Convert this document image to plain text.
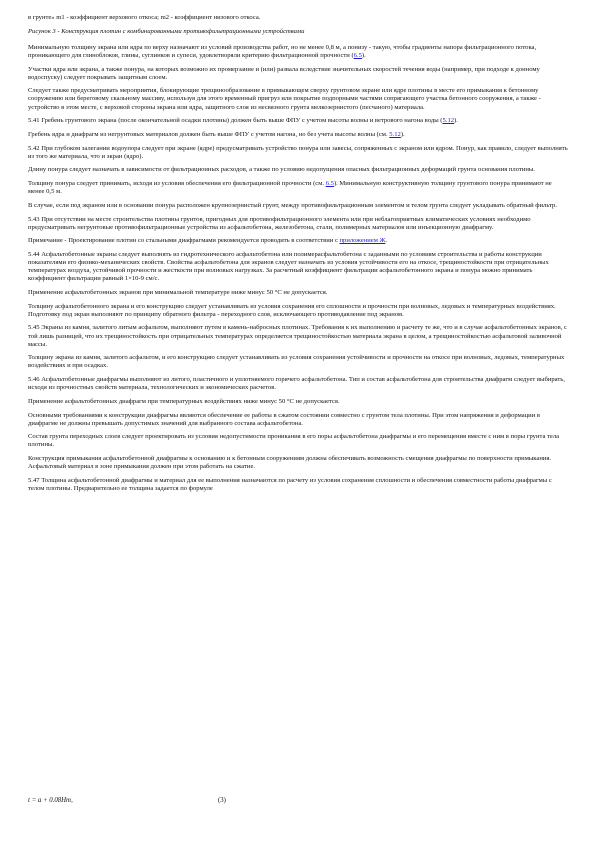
в грунте» m1 - коэффициент верхового откоса; m2 - коэффициент низового откоса.

Рисунок 3 - Конструкция плотин с комбинированными противофильтрационными устройствами

Минимальную толщину экрана или ядра по верху назначают из условий производства работ, но не менее 0,8 м, а понизу - такую, чтобы градиенты напора фильтрационного потока, проникающего для глиноблоков, глины, суглинков и супеси, удовлетворяли критерию фильтрационной прочности (6.5).

Участки ядра или экрана, а также понура, на которых возможно их промерзание и (или) развала вследствие значительных скоростей течения воды (например, при подходе к донному водоспуску) следует покрывать защитным слоем.

Следует также предусматривать мероприятия, блокирующие трещинообразование в примыкающем сверху грунтовом экране или ядре плотины в месте его примыкания к бетонному сооружению или береговому скальному массиву, используя для этого временный пригруз или покрытие подпорными частями сопрягающего участка бетонного сооружения, а также - устройство в этом месте, с верховой стороны экрана или ядра, защитного слоя из несвязного грунта мелкозернистого (песчаного) материала.

5.41 Гребень грунтового экрана (после окончательной осадки плотины) должен быть выше ФПУ с учетом высоты волны и ветрового нагона воды (5.12).

Гребень ядра и диафрагм из негрунтовых материалов должен быть выше ФПУ с учетом нагона, но без учета высоты волны (см. 5.12).

5.42 При глубоком залегании водоупора следует при экране (ядре) предусматривать устройство понура или завесы, сопряженных с экраном или ядром. Понур, как правило, следует выполнять из того же материала, что и экран (ядро).

Длину понура следует назначать в зависимости от фильтрационных расходов, а также по условию недопущения опасных фильтрационных деформаций грунта основания плотины.

Толщину понура следует принимать, исходя из условия обеспечения его фильтрационной прочности (см. 6.5). Минимальную конструктивную толщину грунтового понура принимают не менее 0,5 м.

В случае, если под экраном или в основании понура расположен крупнозернистый грунт, между противофильтрационным элементом и телом грунта следует укладывать обратный фильтр.

5.43 При отсутствии на месте строительства плотины грунтов, пригодных для противофильтрационного элемента или при неблагоприятных климатических условиях необходимо предусматривать негрунтовые противофильтрационные устройства из асфальтобетона, железобетона, стали, полимерных материалов или инъекционную диафрагму.

Примечание - Проектирование плотин со стальными диафрагмами рекомендуется проводить в соответствии с приложением Ж.

5.44 Асфальтобетонные экраны следует выполнять из гидротехнического асфальтобетона или полимерасфальтобетона с заданными по условиям строительства и работы конструкции показателями его физико-механических свойств. Свойства асфальтобетона для экранов следует назначать из условия устойчивости его на откосе, трещиностойкости при отрицательных температурах воздуха, устойчивой прочности и жесткости при волновых нагрузках. За расчетный коэффициент фильтрации асфальтобетонного экрана и понура можно принимать коэффициент фильтрации равный 1×10-9 см/с.

Применение асфальтобетонных экранов при минимальной температуре ниже минус 50 °С не допускается.

Толщину асфальтобетонного экрана и его конструкцию следует устанавливать из условия сохранения его сплошности и прочности при волновых, ледовых и температурных воздействиях. Подготовку под экран выполняют по принципу обратного фильтра - переходного слоя, исключающего противодавление под экраном.

5.45 Экраны из камня, залитого литым асфальтом, выполняют путем в камень-набросных плотинах. Требования к их выполнению и расчету те же, что и в случае асфальтобетонных экранов, с той лишь разницей, что их трещиностойкость при отрицательных температурах определяется трещиностойкостью материала экрана в целом, а трещиностойкостью асфальтовой заливочной массы.

Толщину экрана из камня, залитого асфальтом, и его конструкцию следует устанавливать из условия сохранения устойчивости и прочности на откосе при волновых, ледовых, температурных воздействиях и при осадках.

5.46 Асфальтобетонные диафрагмы выполняют из литого, пластичного и уплотняемого горячего асфальтобетона. Тип и состав асфальтобетона для строительства диафрагм следует выбирать, исходя из прочностных свойств материала, технологических и экономических расчетов.

Применение асфальтобетонных диафрагм при температурных воздействиях ниже минус 50 °С не допускается.

Основными требованиями к конструкции диафрагмы являются обеспечение ее работы в сжатом состоянии совместно с грунтом тела плотины. При этом напряжения и деформации в диафрагме не должны превышать допустимых значений для выбранного состава асфальтобетона.

Состав грунта переходных слоев следует проектировать из условия недопустимости проникания в его поры асфальтобетона диафрагмы и его перемещения вместе с ним в поры грунта тела плотины.

Конструкция примыкания асфальтобетонной диафрагмы к основанию и к бетонным сооружениям должна обеспечивать возможность смещения диафрагмы по поверхности примыкания. Асфальтовый материал в зоне примыкания должен при этом работать на сжатие.

5.47 Толщина асфальтобетонной диафрагмы и материал для ее выполнения назначаются по расчету из условия сохранения сплошности и обеспечения совместности работы диафрагмы с телом плотины. Предварительно ее толщина задается по формуле

t = a + 0.08Hт,	(3)
